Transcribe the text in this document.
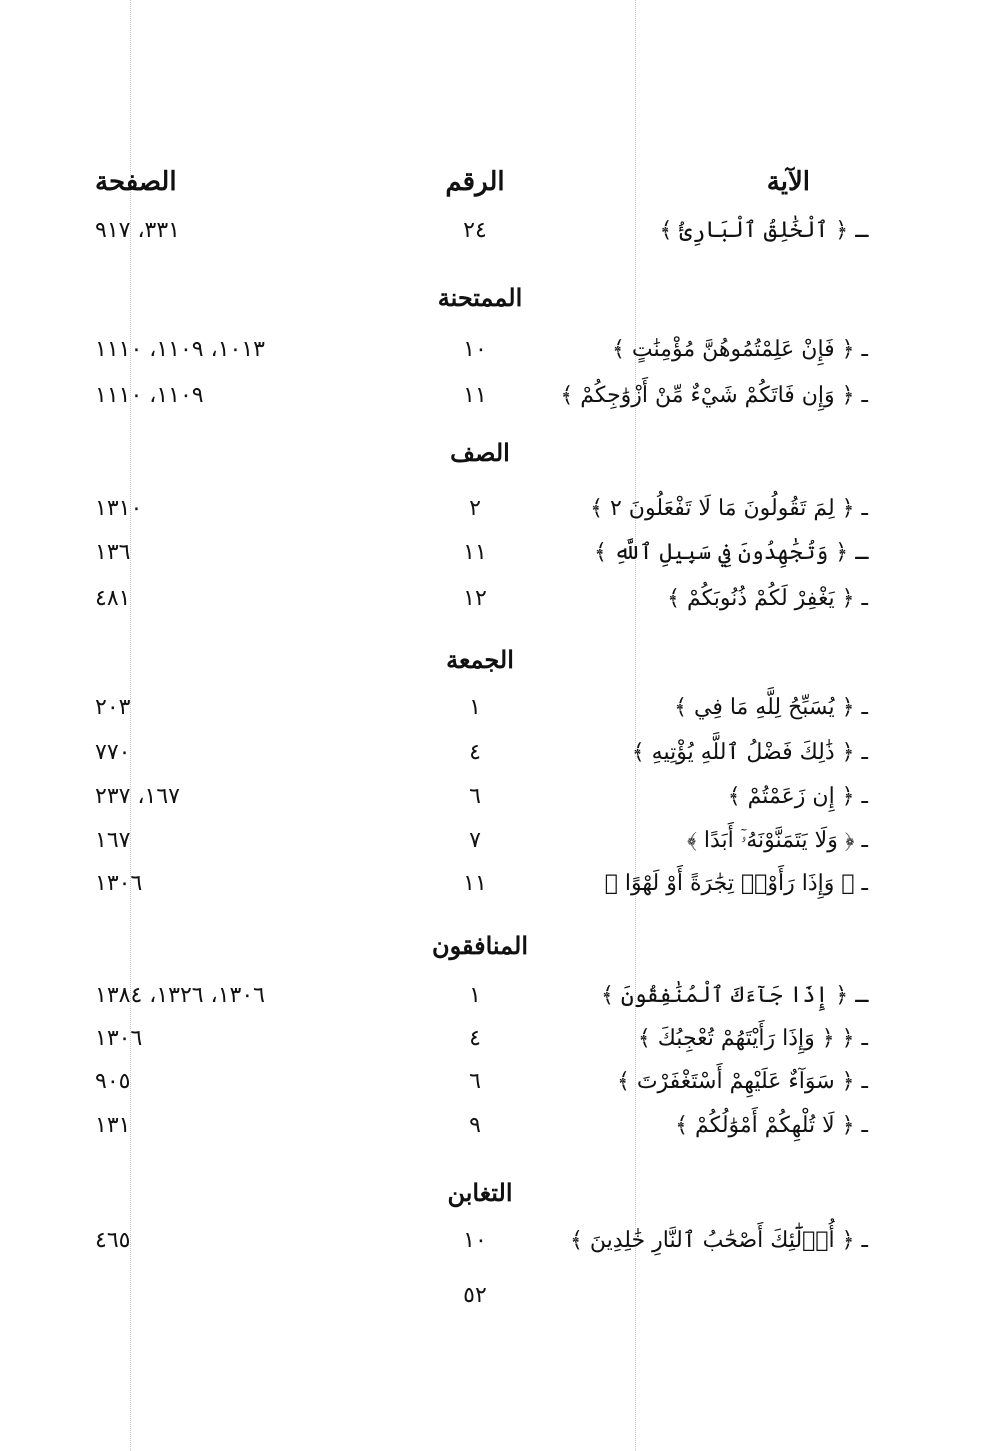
الآية
الرقم
الصفحة
ـ ﴿ ٱلْخَٰلِقُ ٱلْبَارِئُ ﴾
٢٤
٣٣١، ٩١٧
الممتحنة
ـ ﴿ فَإِنْ عَلِمْتُمُوهُنَّ مُؤْمِنَٰتٍ ﴾
١٠
١٠١٣، ١١٠٩، ١١١٠
ـ ﴿ وَإِن فَاتَكُمْ شَيْءٌ مِّنْ أَزْوَٰجِكُمْ ﴾
١١
١١٠٩، ١١١٠
الصف
ـ ﴿ لِمَ تَقُولُونَ مَا لَا تَفْعَلُونَ ٢ ﴾
٢
١٣١٠
ـ ﴿ وَتُجَٰهِدُونَ فِي سَبِيلِ ٱللَّهِ ﴾
١١
١٣٦
ـ ﴿ يَغْفِرْ لَكُمْ ذُنُوبَكُمْ ﴾
١٢
٤٨١
الجمعة
ـ ﴿ يُسَبِّحُ لِلَّهِ مَا فِي ﴾
١
٢٠٣
ـ ﴿ ذَٰلِكَ فَضْلُ ٱللَّهِ يُؤْتِيهِ ﴾
٤
٧٧٠
ـ ﴿ إِن زَعَمْتُمْ ﴾
٦
١٦٧، ٢٣٧
ـ ﴿ وَلَا يَتَمَنَّوْنَهُۥٓ أَبَدًا ﴾
٧
١٦٧
ـ ﴿ وَإِذَا رَأَوْا۟ تِجَٰرَةً أَوْ لَهْوًا ﴾
١١
١٣٠٦
المنافقون
ـ ﴿ إِذَا جَآءَكَ ٱلْمُنَٰفِقُونَ ﴾
١
١٣٠٦، ١٣٢٦، ١٣٨٤
ـ ﴿ ﴿ وَإِذَا رَأَيْتَهُمْ تُعْجِبُكَ ﴾
٤
١٣٠٦
ـ ﴿ سَوَآءٌ عَلَيْهِمْ أَسْتَغْفَرْتَ ﴾
٦
٩٠٥
ـ ﴿ لَا تُلْهِكُمْ أَمْوَٰلُكُمْ ﴾
٩
١٣١
التغابن
ـ ﴿ أُو۟لَٰٓئِكَ أَصْحَٰبُ ٱلنَّارِ خَٰلِدِينَ ﴾
١٠
٤٦٥
٥٢
